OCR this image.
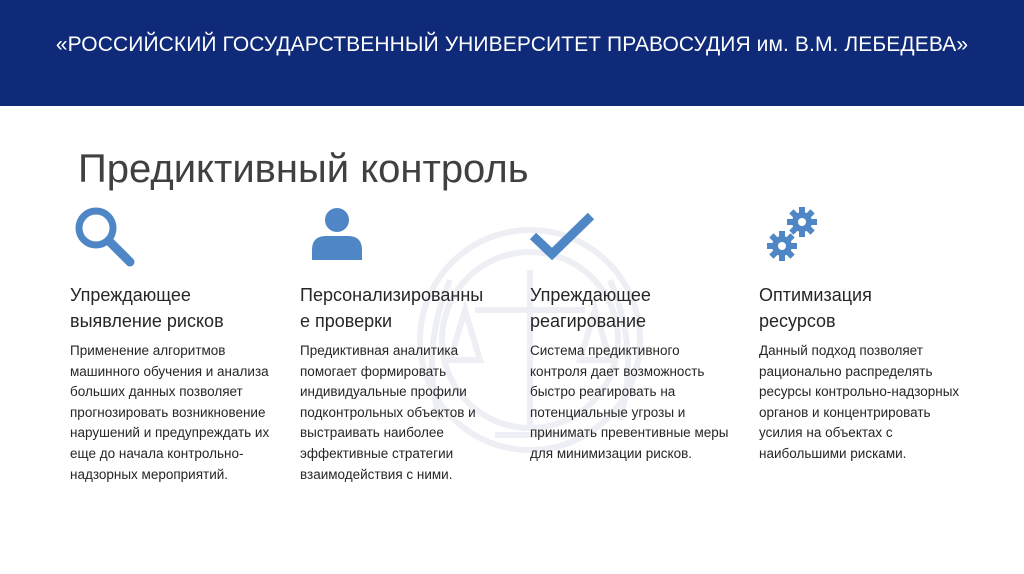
«РОССИЙСКИЙ ГОСУДАРСТВЕННЫЙ УНИВЕРСИТЕТ ПРАВОСУДИЯ им. В.М. ЛЕБЕДЕВА»
Предиктивный контроль

Упреждающее выявление рисков

Применение алгоритмов машинного обучения и анализа больших данных позволяет прогнозировать возникновение нарушений и предупреждать их еще до начала контрольно-надзорных мероприятий.

Персонализированные проверки

Предиктивная аналитика помогает формировать индивидуальные профили подконтрольных объектов и выстраивать наиболее эффективные стратегии взаимодействия с ними.

Упреждающее реагирование

Система предиктивного контроля дает возможность быстро реагировать на потенциальные угрозы и принимать превентивные меры для минимизации рисков.

Оптимизация ресурсов

Данный подход позволяет рационально распределять ресурсы контрольно-надзорных органов и концентрировать усилия на объектах с наибольшими рисками.
